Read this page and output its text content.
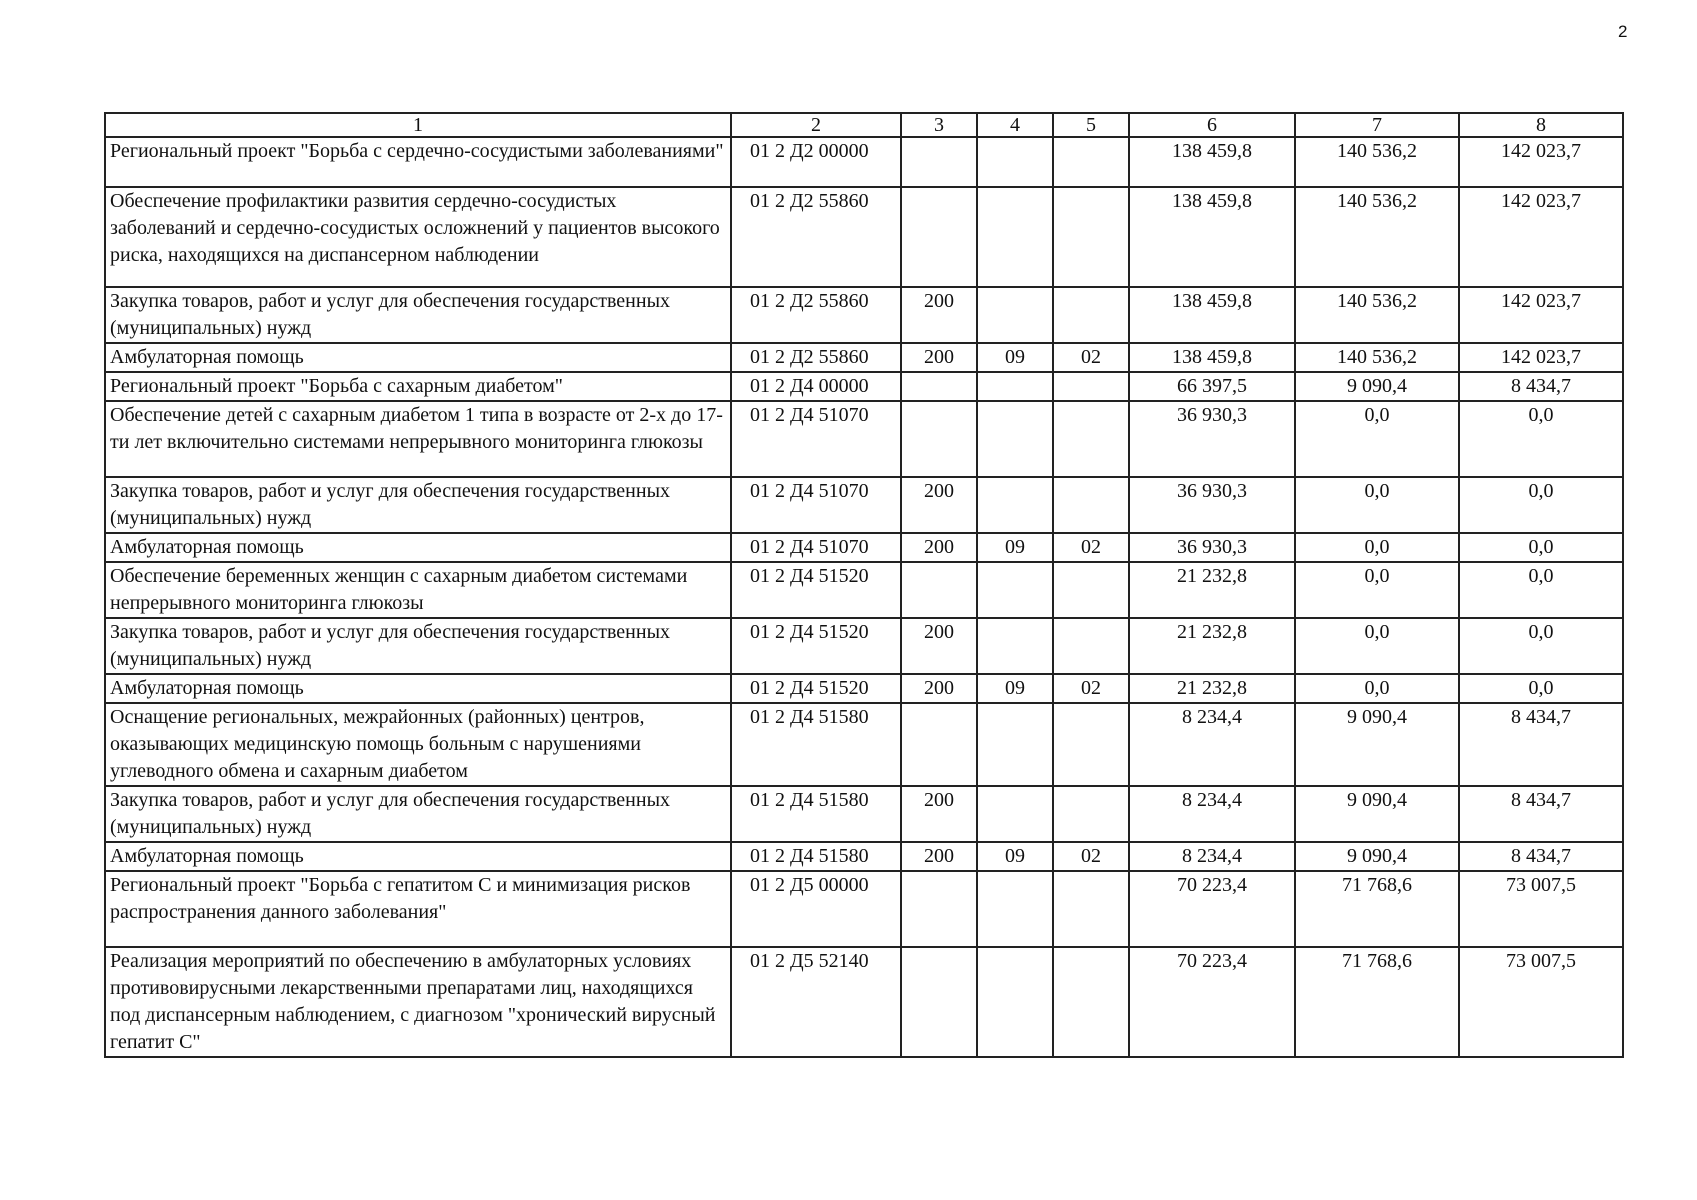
2
1	2	3	4	5	6	7	8
Региональный проект "Борьба с сердечно-сосудистыми заболеваниями"	01 2 Д2 00000				138 459,8	140 536,2	142 023,7
Обеспечение профилактики развития сердечно-сосудистых заболеваний и сердечно-сосудистых осложнений у пациентов высокого риска, находящихся на диспансерном наблюдении	01 2 Д2 55860				138 459,8	140 536,2	142 023,7
Закупка товаров, работ и услуг для обеспечения государственных (муниципальных) нужд	01 2 Д2 55860	200			138 459,8	140 536,2	142 023,7
Амбулаторная помощь	01 2 Д2 55860	200	09	02	138 459,8	140 536,2	142 023,7
Региональный проект "Борьба с сахарным диабетом"	01 2 Д4 00000				66 397,5	9 090,4	8 434,7
Обеспечение детей с сахарным диабетом 1 типа в возрасте от 2-х до 17-ти лет включительно системами непрерывного мониторинга глюкозы	01 2 Д4 51070				36 930,3	0,0	0,0
Закупка товаров, работ и услуг для обеспечения государственных (муниципальных) нужд	01 2 Д4 51070	200			36 930,3	0,0	0,0
Амбулаторная помощь	01 2 Д4 51070	200	09	02	36 930,3	0,0	0,0
Обеспечение беременных женщин с сахарным диабетом системами непрерывного мониторинга глюкозы	01 2 Д4 51520				21 232,8	0,0	0,0
Закупка товаров, работ и услуг для обеспечения государственных (муниципальных) нужд	01 2 Д4 51520	200			21 232,8	0,0	0,0
Амбулаторная помощь	01 2 Д4 51520	200	09	02	21 232,8	0,0	0,0
Оснащение региональных, межрайонных (районных) центров, оказывающих медицинскую помощь больным с нарушениями углеводного обмена и сахарным диабетом	01 2 Д4 51580				8 234,4	9 090,4	8 434,7
Закупка товаров, работ и услуг для обеспечения государственных (муниципальных) нужд	01 2 Д4 51580	200			8 234,4	9 090,4	8 434,7
Амбулаторная помощь	01 2 Д4 51580	200	09	02	8 234,4	9 090,4	8 434,7
Региональный проект "Борьба с гепатитом С и минимизация рисков распространения данного заболевания"	01 2 Д5 00000				70 223,4	71 768,6	73 007,5
Реализация мероприятий по обеспечению в амбулаторных условиях противовирусными лекарственными препаратами лиц, находящихся под диспансерным наблюдением, с диагнозом "хронический вирусный гепатит С"	01 2 Д5 52140				70 223,4	71 768,6	73 007,5
